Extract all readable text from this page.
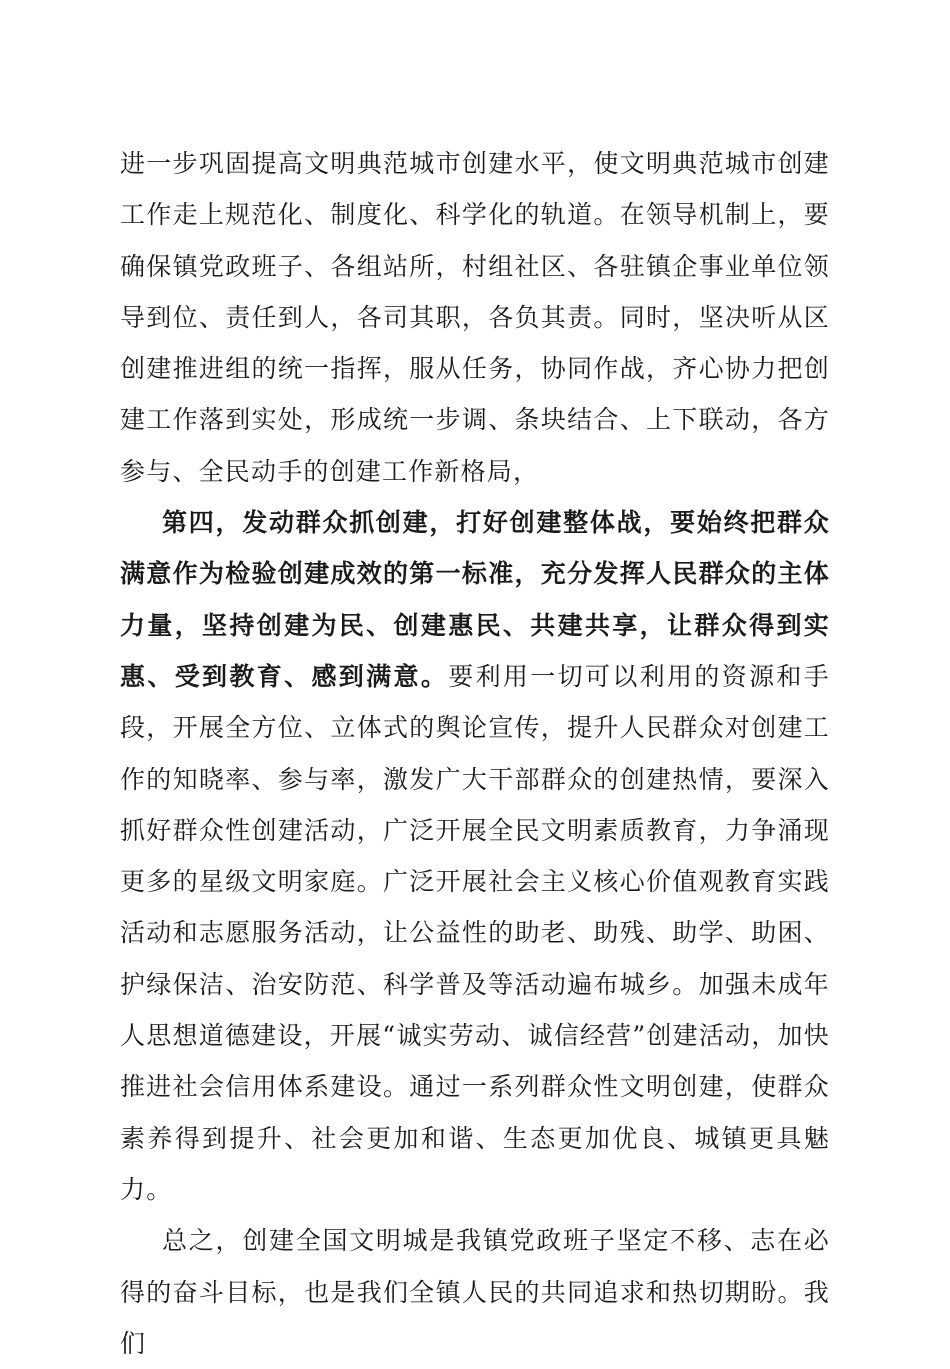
进一步巩固提高文明典范城市创建水平，使文明典范城市创建工作走上规范化、制度化、科学化的轨道。在领导机制上，要确保镇党政班子、各组站所，村组社区、各驻镇企事业单位领导到位、责任到人，各司其职，各负其责。同时，坚决听从区创建推进组的统一指挥，服从任务，协同作战，齐心协力把创建工作落到实处，形成统一步调、条块结合、上下联动，各方参与、全民动手的创建工作新格局，

第四，发动群众抓创建，打好创建整体战，要始终把群众满意作为检验创建成效的第一标准，充分发挥人民群众的主体力量，坚持创建为民、创建惠民、共建共享，让群众得到实惠、受到教育、感到满意。要利用一切可以利用的资源和手段，开展全方位、立体式的舆论宣传，提升人民群众对创建工作的知晓率、参与率，激发广大干部群众的创建热情，要深入抓好群众性创建活动，广泛开展全民文明素质教育，力争涌现更多的星级文明家庭。广泛开展社会主义核心价值观教育实践活动和志愿服务活动，让公益性的助老、助残、助学、助困、护绿保洁、治安防范、科学普及等活动遍布城乡。加强未成年人思想道德建设，开展“诚实劳动、诚信经营”创建活动，加快推进社会信用体系建设。通过一系列群众性文明创建，使群众素养得到提升、社会更加和谐、生态更加优良、城镇更具魅力。

总之，创建全国文明城是我镇党政班子坚定不移、志在必得的奋斗目标，也是我们全镇人民的共同追求和热切期盼。我们
